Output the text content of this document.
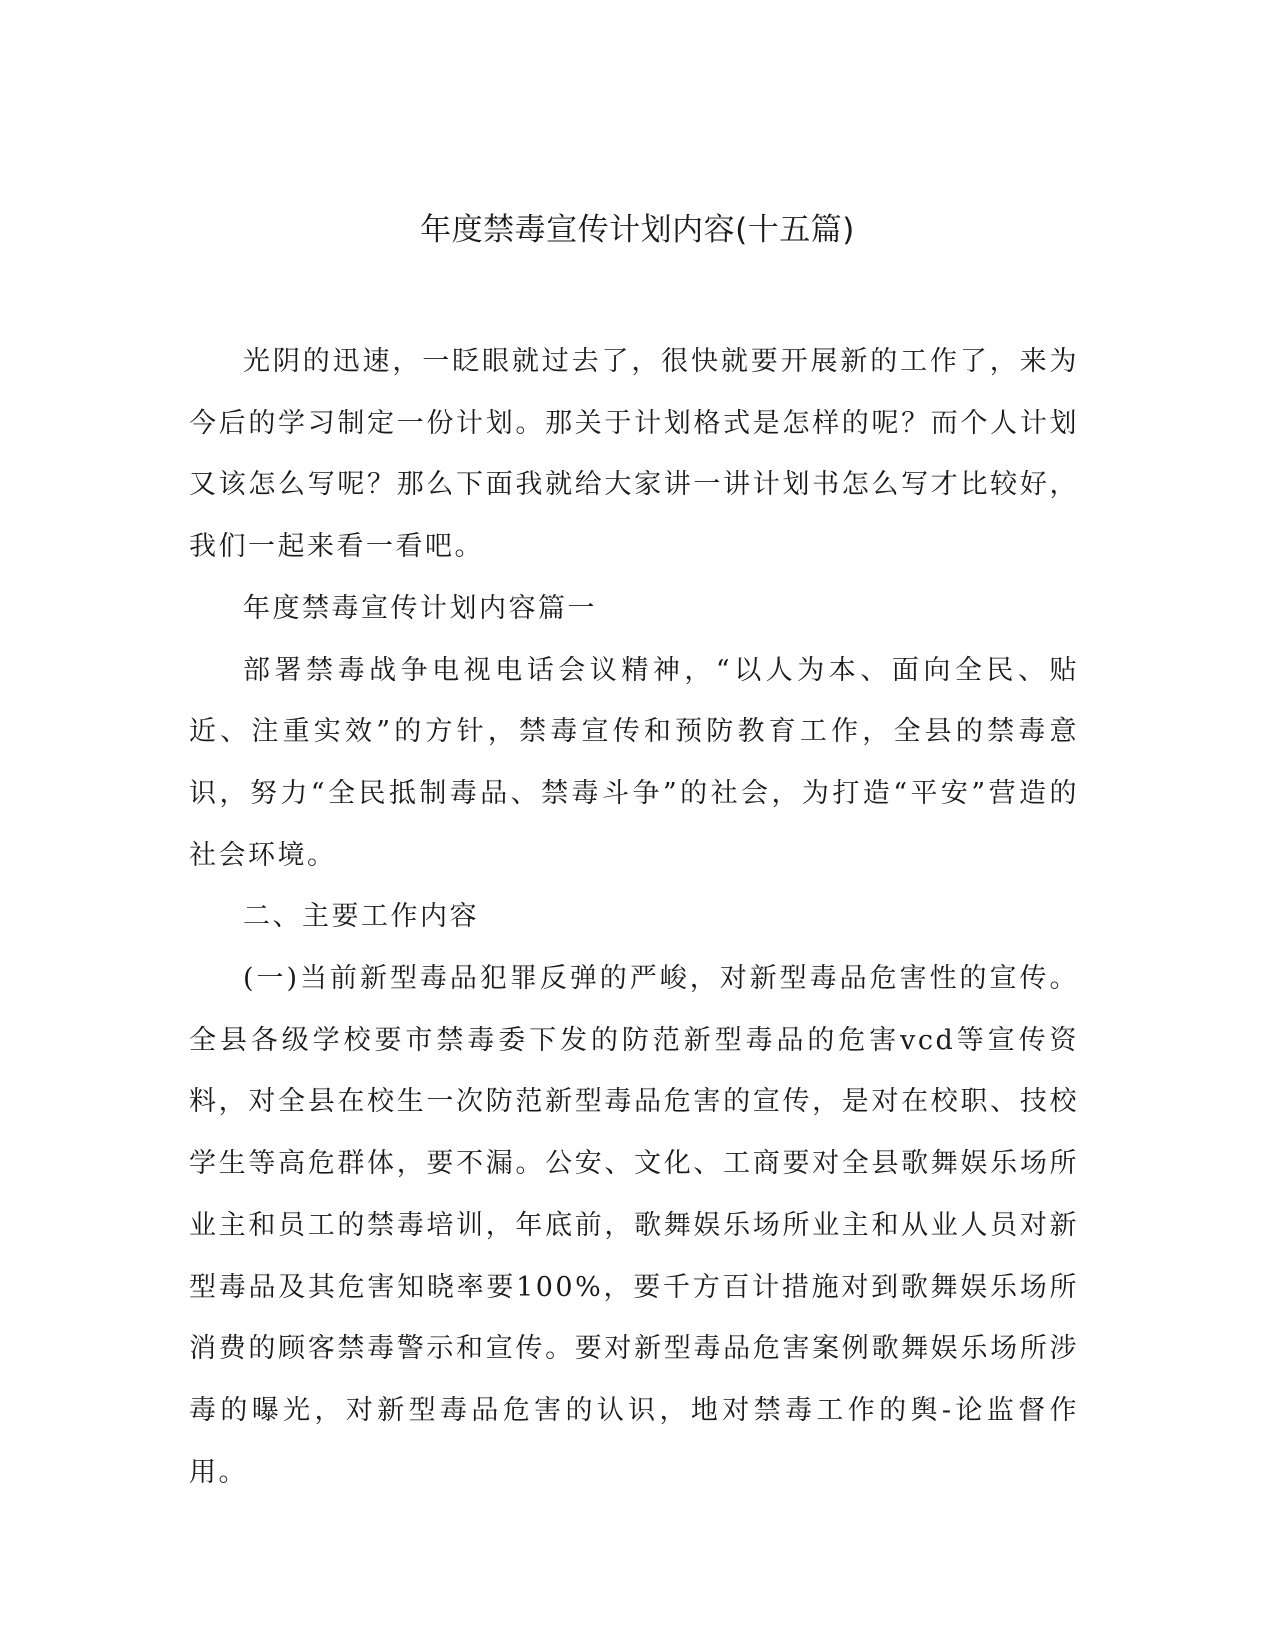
年度禁毒宣传计划内容(十五篇)

光阴的迅速，一眨眼就过去了，很快就要开展新的工作了，来为今后的学习制定一份计划。那关于计划格式是怎样的呢？而个人计划又该怎么写呢？那么下面我就给大家讲一讲计划书怎么写才比较好，我们一起来看一看吧。

年度禁毒宣传计划内容篇一

部署禁毒战争电视电话会议精神，“以人为本、面向全民、贴近、注重实效”的方针，禁毒宣传和预防教育工作，全县的禁毒意识，努力“全民抵制毒品、禁毒斗争”的社会，为打造“平安”营造的社会环境。

二、主要工作内容

(一)当前新型毒品犯罪反弹的严峻，对新型毒品危害性的宣传。全县各级学校要市禁毒委下发的防范新型毒品的危害vcd等宣传资料，对全县在校生一次防范新型毒品危害的宣传，是对在校职、技校学生等高危群体，要不漏。公安、文化、工商要对全县歌舞娱乐场所业主和员工的禁毒培训，年底前，歌舞娱乐场所业主和从业人员对新型毒品及其危害知晓率要100%，要千方百计措施对到歌舞娱乐场所消费的顾客禁毒警示和宣传。要对新型毒品危害案例歌舞娱乐场所涉毒的曝光，对新型毒品危害的认识，地对禁毒工作的舆-论监督作用。
